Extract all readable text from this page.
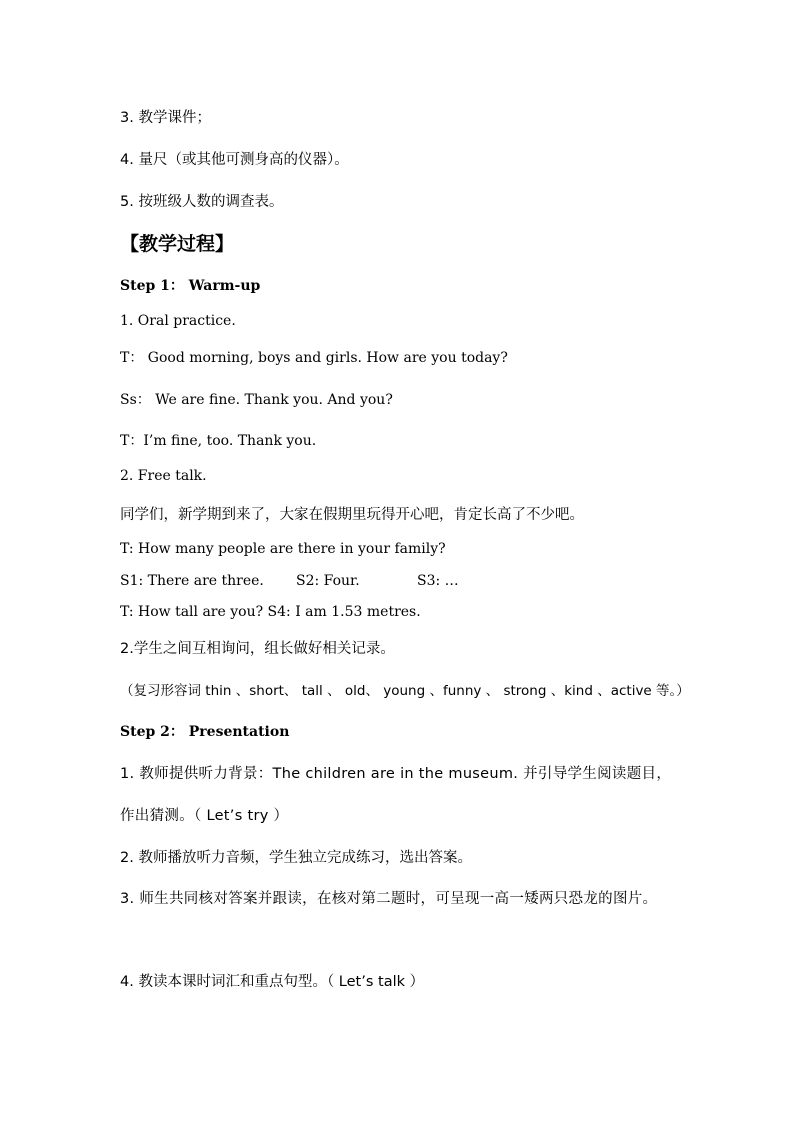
3. 教学课件；
4. 量尺（或其他可测身高的仪器）。
5. 按班级人数的调查表。
【教学过程】
Step 1： Warm-up
1. Oral practice.
T： Good morning, boys and girls. How are you today?
Ss： We are fine. Thank you. And you?
T：I’m fine, too. Thank you.
2. Free talk.
同学们，新学期到来了，大家在假期里玩得开心吧，肯定长高了不少吧。
T: How many people are there in your family?
S1: There are three. S2: Four.	S3: …
T: How tall are you? S4: I am 1.53 metres.
2.学生之间互相询问，组长做好相关记录。
（复习形容词 thin 、short、 tall 、 old、 young 、funny 、 strong 、kind 、active 等。）
Step 2： Presentation
1. 教师提供听力背景：The children are in the museum. 并引导学生阅读题目，作出猜测。（ Let’s try ）
2. 教师播放听力音频，学生独立完成练习，选出答案。
3. 师生共同核对答案并跟读，在核对第二题时，可呈现一高一矮两只恐龙的图片。
4. 教读本课时词汇和重点句型。（ Let’s talk ）
